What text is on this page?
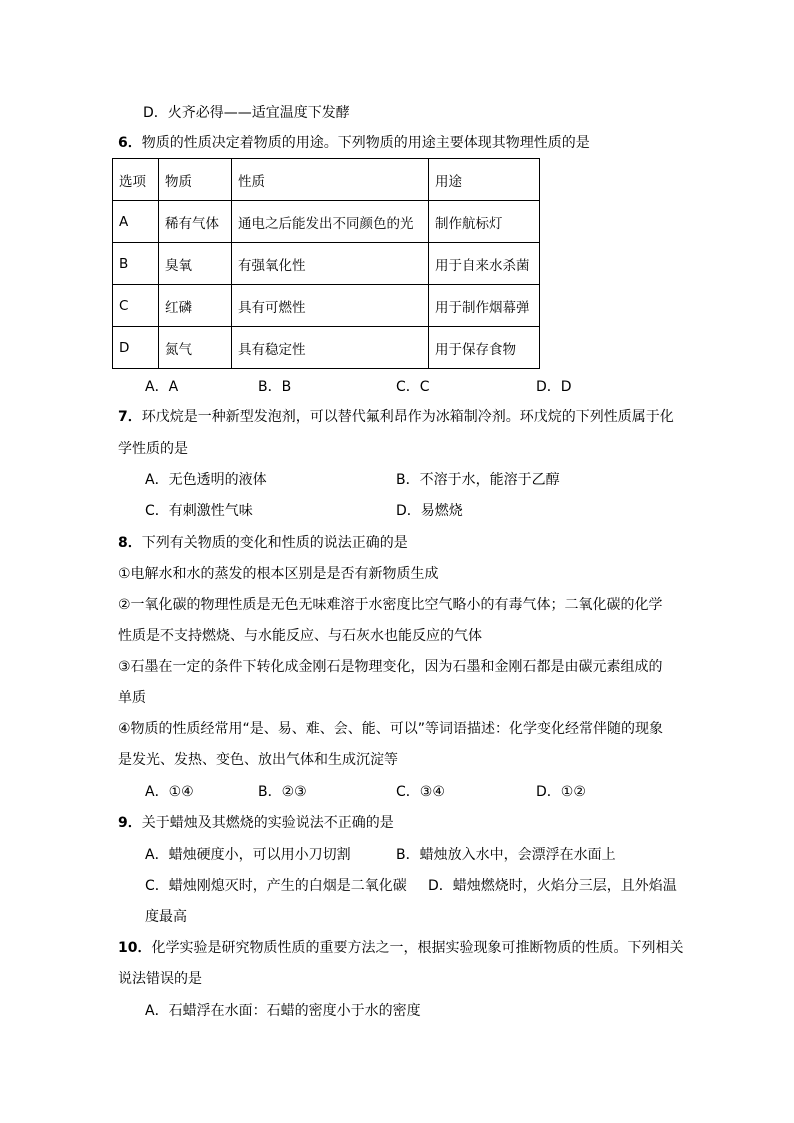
D．火齐必得——适宜温度下发酵
6．物质的性质决定着物质的用途。下列物质的用途主要体现其物理性质的是
选项	物质	性质	用途
A	稀有气体	通电之后能发出不同颜色的光	制作航标灯
B	臭氧	有强氧化性	用于自来水杀菌
C	红磷	具有可燃性	用于制作烟幕弹
D	氮气	具有稳定性	用于保存食物
A．A	B．B	C．C	D．D
7．环戊烷是一种新型发泡剂，可以替代氟利昂作为冰箱制冷剂。环戊烷的下列性质属于化
学性质的是
A．无色透明的液体	B．不溶于水，能溶于乙醇
C．有刺激性气味	D．易燃烧
8．下列有关物质的变化和性质的说法正确的是
①电解水和水的蒸发的根本区别是是否有新物质生成
②一氧化碳的物理性质是无色无味难溶于水密度比空气略小的有毒气体；二氧化碳的化学
性质是不支持燃烧、与水能反应、与石灰水也能反应的气体
③石墨在一定的条件下转化成金刚石是物理变化，因为石墨和金刚石都是由碳元素组成的
单质
④物质的性质经常用“是、易、难、会、能、可以”等词语描述：化学变化经常伴随的现象
是发光、发热、变色、放出气体和生成沉淀等
A．①④	B．②③	C．③④	D．①②
9．关于蜡烛及其燃烧的实验说法不正确的是
A．蜡烛硬度小，可以用小刀切割	B．蜡烛放入水中，会漂浮在水面上
C．蜡烛刚熄灭时，产生的白烟是二氧化碳 D．蜡烛燃烧时，火焰分三层，且外焰温
度最高
10．化学实验是研究物质性质的重要方法之一，根据实验现象可推断物质的性质。下列相关
说法错误的是
A．石蜡浮在水面：石蜡的密度小于水的密度
